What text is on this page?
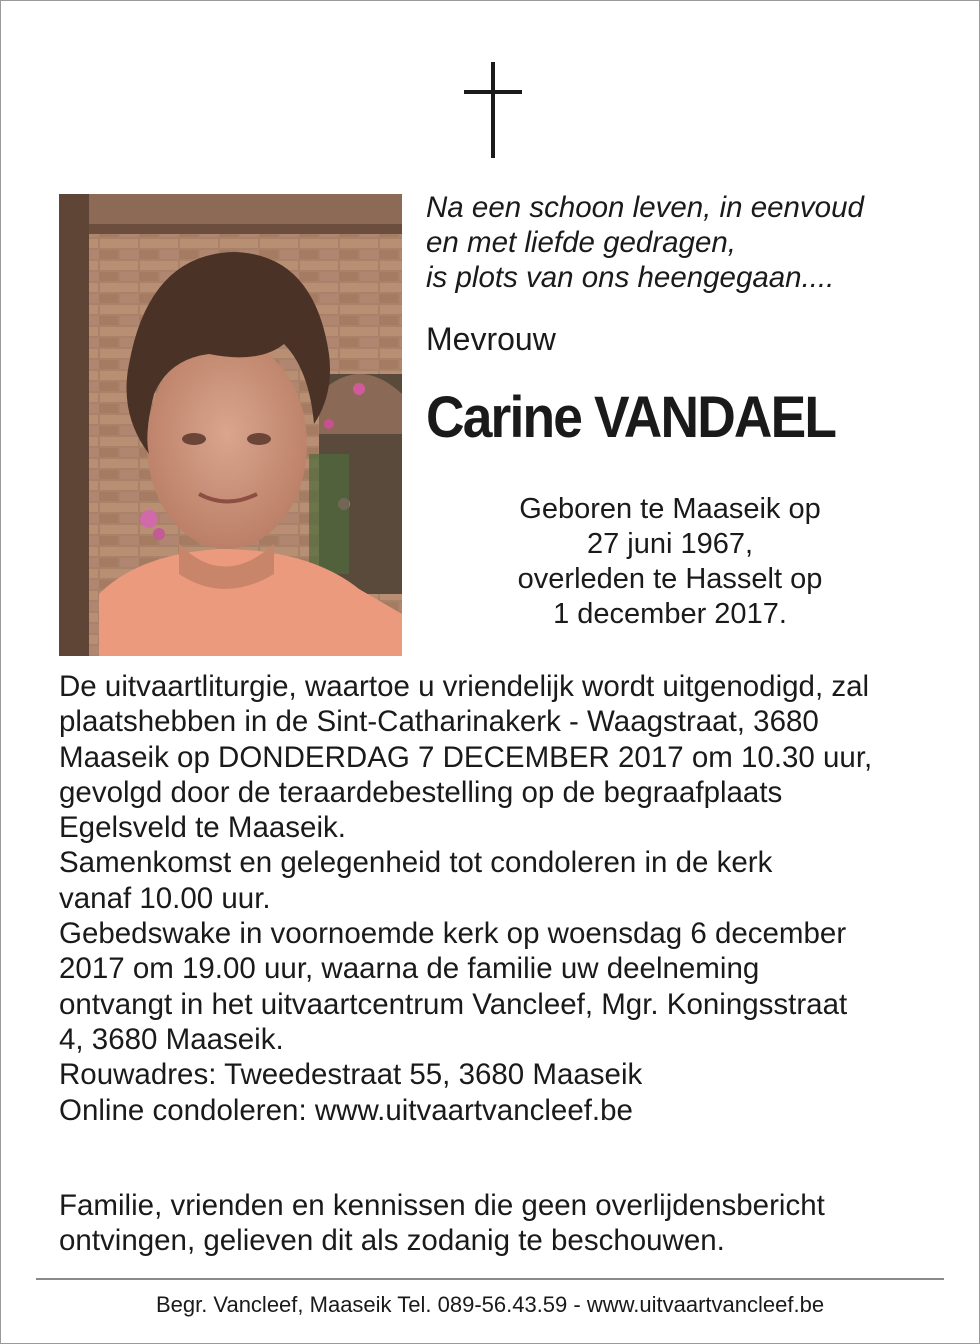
Na een schoon leven, in eenvoud
en met liefde gedragen,
is plots van ons heengegaan....
Mevrouw
Carine VANDAEL
Geboren te Maaseik op
27 juni 1967,
overleden te Hasselt op
1 december 2017.
De uitvaartliturgie, waartoe u vriendelijk wordt uitgenodigd, zal
plaatshebben in de Sint-Catharinakerk - Waagstraat, 3680
Maaseik op DONDERDAG 7 DECEMBER 2017 om 10.30 uur,
gevolgd door de teraardebestelling op de begraafplaats
Egelsveld te Maaseik.
Samenkomst en gelegenheid tot condoleren in de kerk
vanaf 10.00 uur.
Gebedswake in voornoemde kerk op woensdag 6 december
2017 om 19.00 uur, waarna de familie uw deelneming
ontvangt in het uitvaartcentrum Vancleef, Mgr. Koningsstraat
4, 3680 Maaseik.
Rouwadres: Tweedestraat 55, 3680 Maaseik
Online condoleren: www.uitvaartvancleef.be
Familie, vrienden en kennissen die geen overlijdensbericht
ontvingen, gelieven dit als zodanig te beschouwen.
Begr. Vancleef, Maaseik Tel. 089-56.43.59 - www.uitvaartvancleef.be
